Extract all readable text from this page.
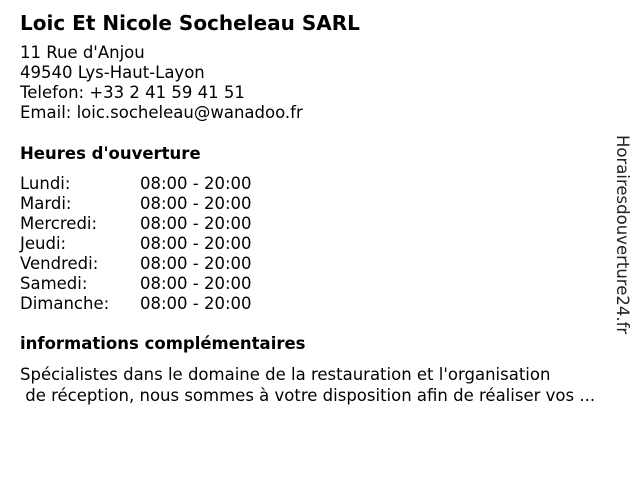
Loic Et Nicole Socheleau SARL
11 Rue d'Anjou
49540 Lys-Haut-Layon
Telefon: +33 2 41 59 41 51
Email: loic.socheleau@wanadoo.fr
Heures d'ouverture
Lundi:	08:00 - 20:00
Mardi:	08:00 - 20:00
Mercredi:	08:00 - 20:00
Jeudi:	08:00 - 20:00
Vendredi:	08:00 - 20:00
Samedi:	08:00 - 20:00
Dimanche: 08:00 - 20:00
informations complémentaires
Spécialistes dans le domaine de la restauration et l'organisation
de réception, nous sommes à votre disposition afin de réaliser vos ...
Horairesdouverture24.fr
